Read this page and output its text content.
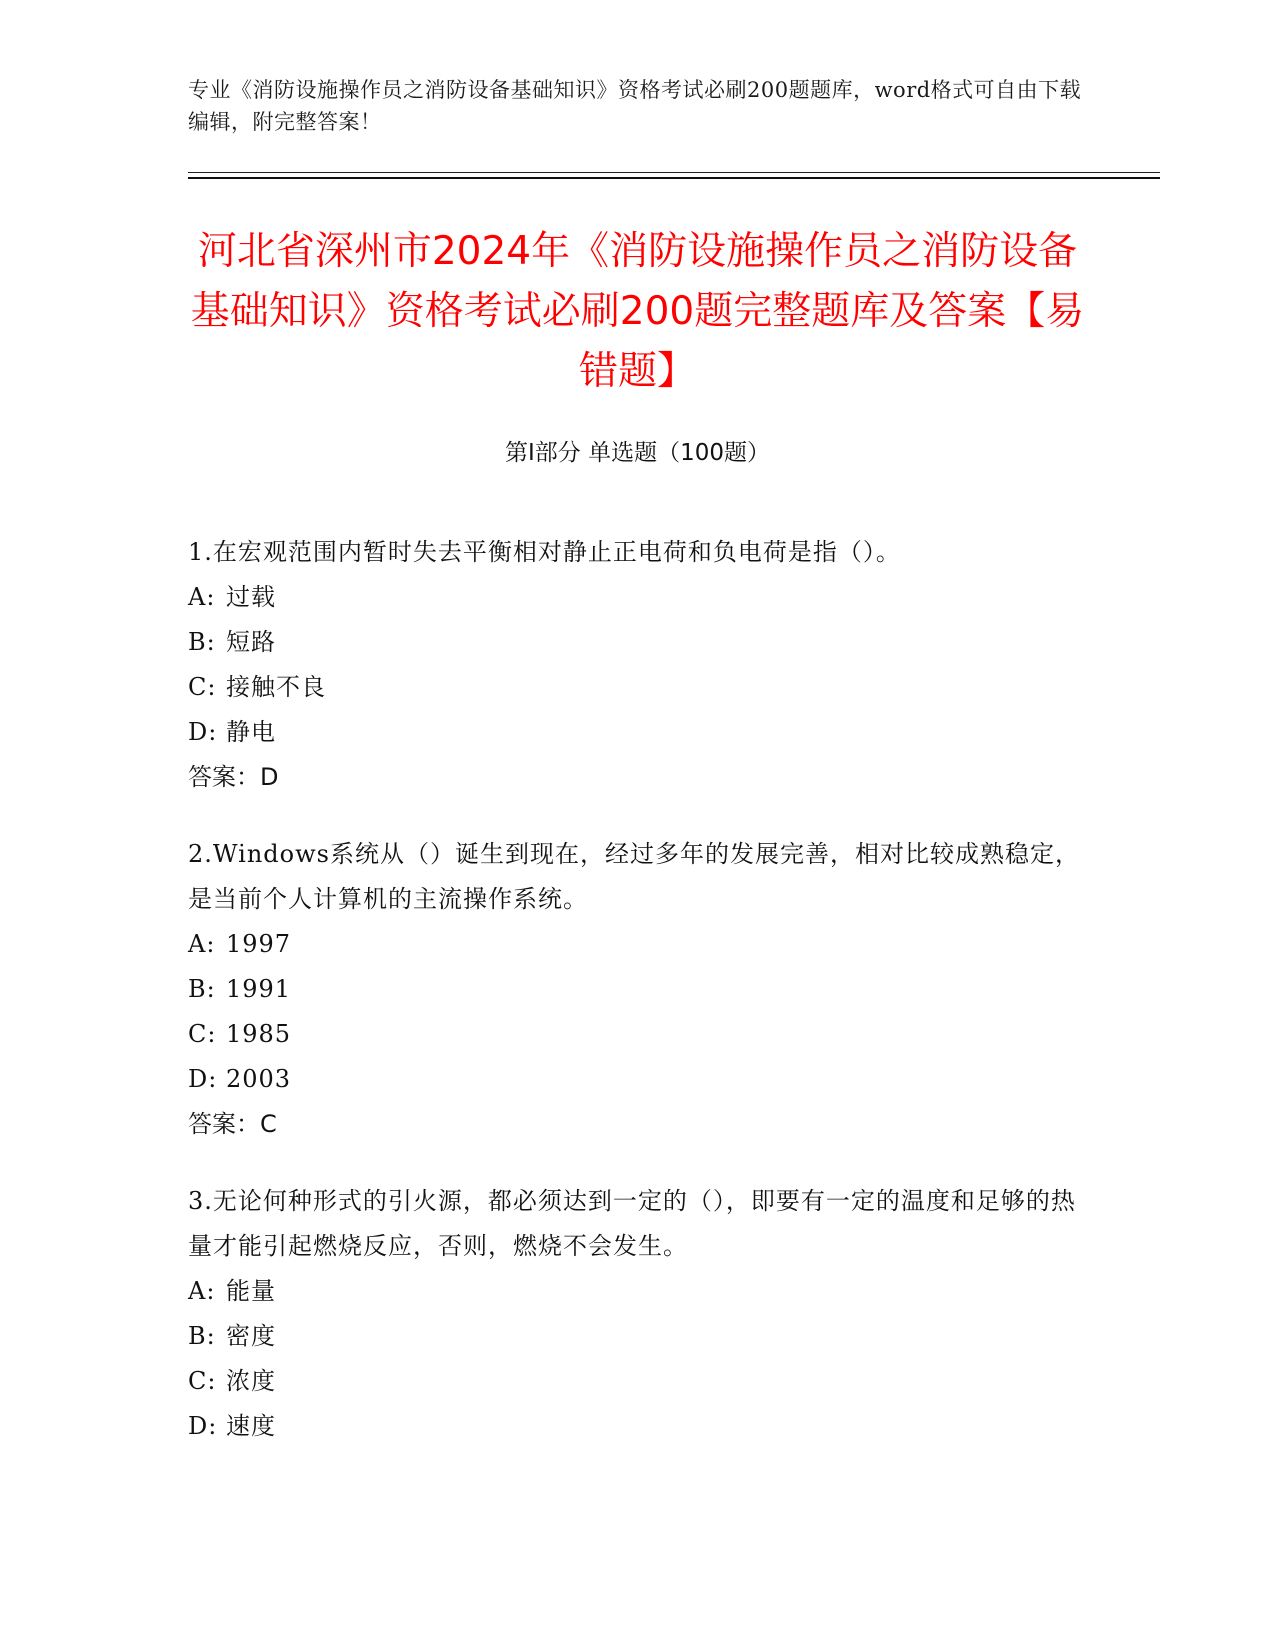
专业《消防设施操作员之消防设备基础知识》资格考试必刷200题题库，word格式可自由下载编辑，附完整答案！
河北省深州市2024年《消防设施操作员之消防设备基础知识》资格考试必刷200题完整题库及答案【易错题】
第I部分 单选题（100题）
1.在宏观范围内暂时失去平衡相对静止正电荷和负电荷是指（）。
A: 过载
B: 短路
C: 接触不良
D: 静电
答案：D
2.Windows系统从（）诞生到现在，经过多年的发展完善，相对比较成熟稳定，是当前个人计算机的主流操作系统。
A: 1997
B: 1991
C: 1985
D: 2003
答案：C
3.无论何种形式的引火源，都必须达到一定的（），即要有一定的温度和足够的热量才能引起燃烧反应，否则，燃烧不会发生。
A: 能量
B: 密度
C: 浓度
D: 速度
